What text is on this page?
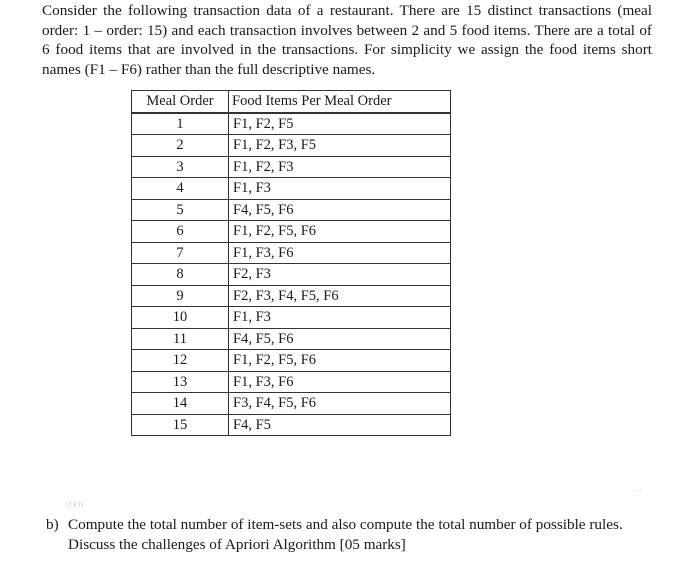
Consider the following transaction data of a restaurant. There are 15 distinct transactions (meal order: 1 – order: 15) and each transaction involves between 2 and 5 food items. There are a total of 6 food items that are involved in the transactions. For simplicity we assign the food items short names (F1 – F6) rather than the full descriptive names.

Meal Order	Food Items Per Meal Order
1	F1, F2, F5
2	F1, F2, F3, F5
3	F1, F2, F3
4	F1, F3
5	F4, F5, F6
6	F1, F2, F5, F6
7	F1, F3, F6
8	F2, F3
9	F2, F3, F4, F5, F6
10	F1, F3
11	F4, F5, F6
12	F1, F2, F5, F6
13	F1, F3, F6
14	F3, F4, F5, F6
15	F4, F5
iten
...

b) Compute the total number of item-sets and also compute the total number of possible rules.
Discuss the challenges of Apriori Algorithm [05 marks]
